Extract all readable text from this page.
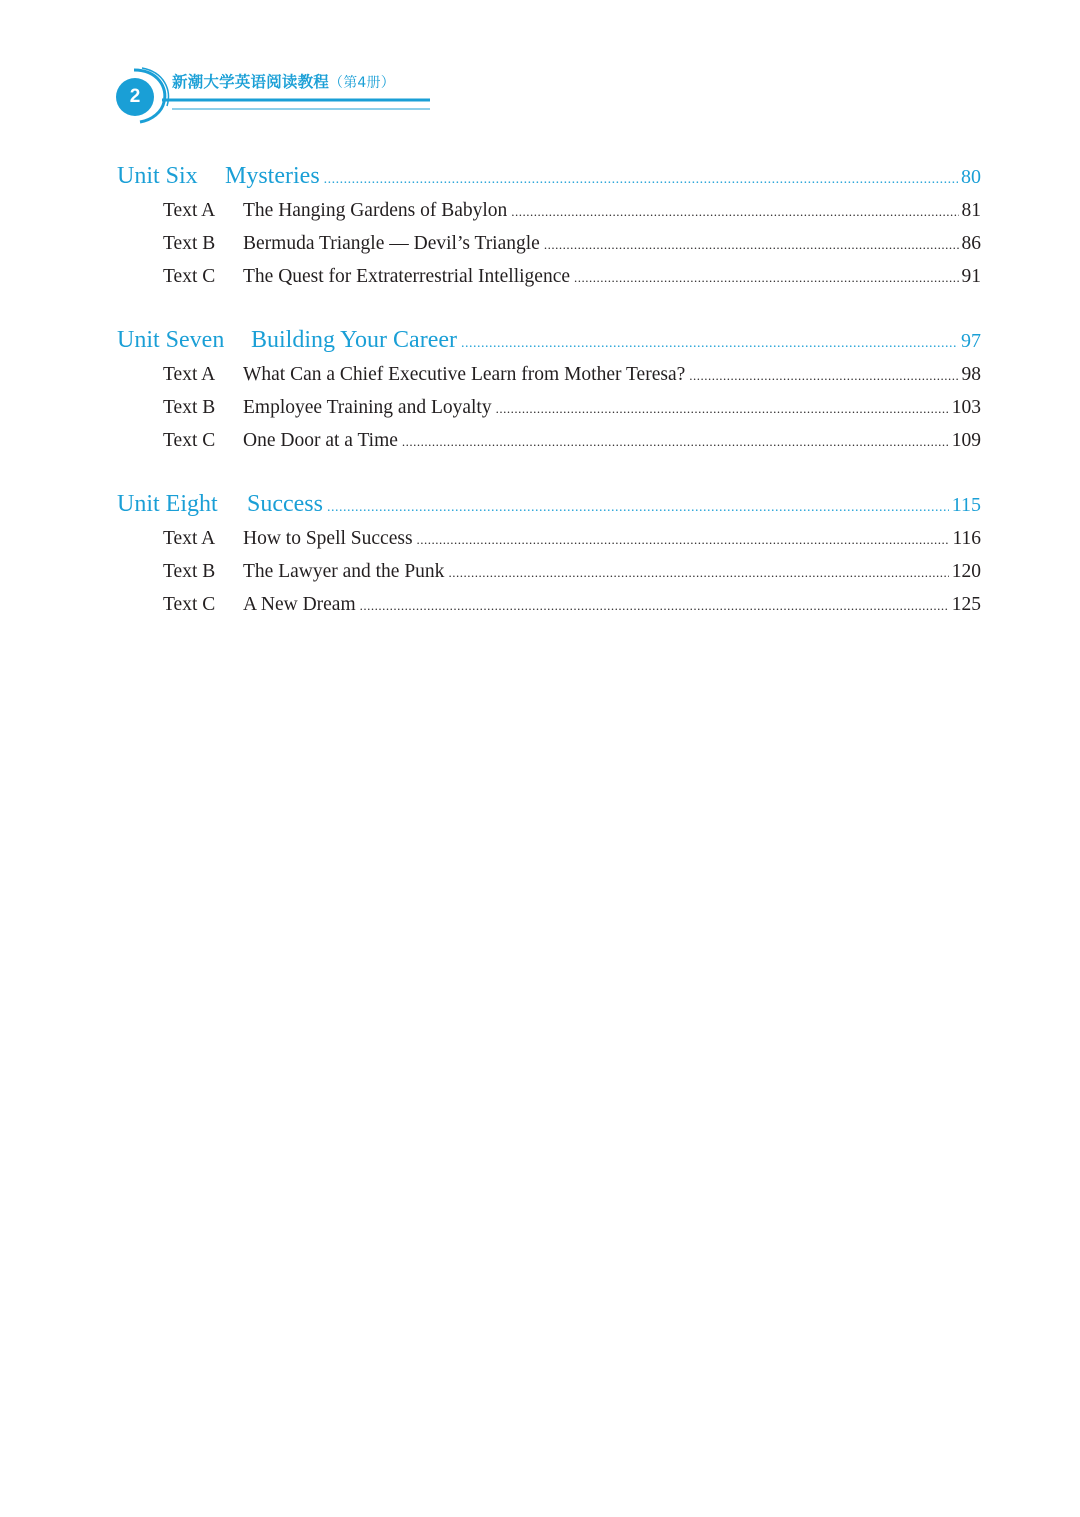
2
新潮大学英语阅读教程（第4册）
Unit Six	Mysteries .....	80
Text A	The Hanging Gardens of Babylon .....	81
Text B	Bermuda Triangle — Devil’s Triangle .....	86
Text C	The Quest for Extraterrestrial Intelligence .....	91
Unit Seven	Building Your Career .....	97
Text A	What Can a Chief Executive Learn from Mother Teresa? .....	98
Text B	Employee Training and Loyalty .....	103
Text C	One Door at a Time .....	109
Unit Eight	Success .....	115
Text A	How to Spell Success .....	116
Text B	The Lawyer and the Punk .....	120
Text C	A New Dream .....	125
